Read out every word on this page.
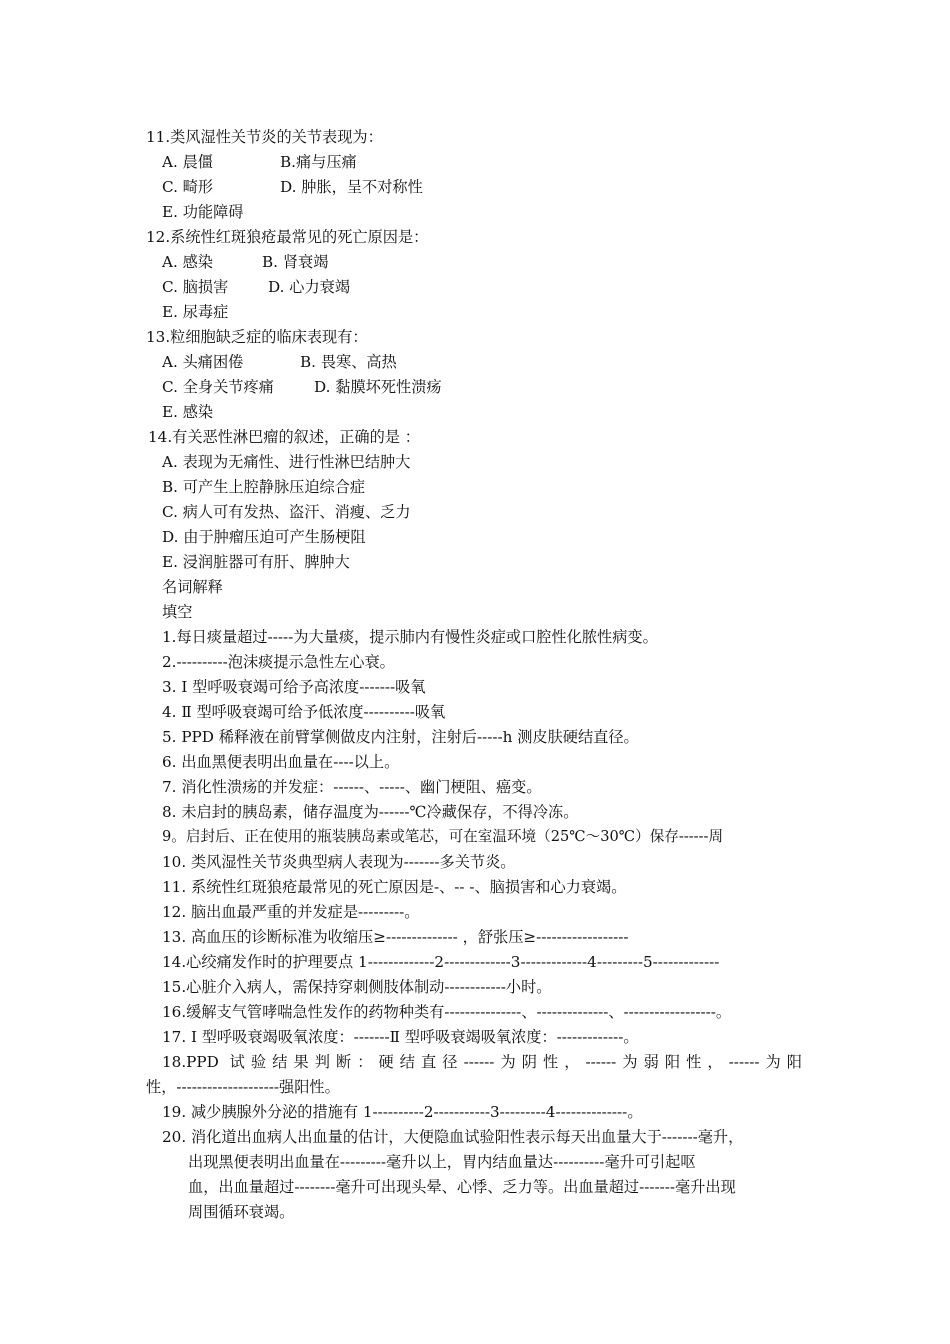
11.类风湿性关节炎的关节表现为：
A. 晨僵	B.痛与压痛
C. 畸形	D. 肿胀，呈不对称性
E. 功能障碍
12.系统性红斑狼疮最常见的死亡原因是：
A. 感染	B. 肾衰竭
C. 脑损害	D. 心力衰竭
E. 尿毒症
13.粒细胞缺乏症的临床表现有：
A. 头痛困倦	B. 畏寒、高热
C. 全身关节疼痛	D. 黏膜坏死性溃疡
E. 感染
14.有关恶性淋巴瘤的叙述，正确的是 ：
A. 表现为无痛性、进行性淋巴结肿大
B. 可产生上腔静脉压迫综合症
C. 病人可有发热、盗汗、消瘦、乏力
D. 由于肿瘤压迫可产生肠梗阻
E. 浸润脏器可有肝、脾肿大
名词解释
填空
1.每日痰量超过-----为大量痰，提示肺内有慢性炎症或口腔性化脓性病变。
2.----------泡沫痰提示急性左心衰。
3. Ⅰ 型呼吸衰竭可给予高浓度-------吸氧
4. Ⅱ 型呼吸衰竭可给予低浓度----------吸氧
5. PPD 稀释液在前臂掌侧做皮内注射，注射后-----h 测皮肤硬结直径。
6. 出血黑便表明出血量在----以上。
7. 消化性溃疡的并发症：------、-----、幽门梗阻、癌变。
8. 未启封的胰岛素，储存温度为------℃冷藏保存，不得冷冻。
9。启封后、正在使用的瓶装胰岛素或笔芯，可在室温环境（25℃～30℃）保存------周
10. 类风湿性关节炎典型病人表现为-------多关节炎。
11. 系统性红斑狼疮最常见的死亡原因是-、-- -、脑损害和心力衰竭。
12. 脑出血最严重的并发症是---------。
13. 高血压的诊断标准为收缩压≥-------------- ，舒张压≥------------------
14.心绞痛发作时的护理要点 1-------------2-------------3-------------4---------5-------------
15.心脏介入病人，需保持穿刺侧肢体制动------------小时。
16.缓解支气管哮喘急性发作的药物种类有---------------、--------------、------------------。
17. Ⅰ 型呼吸衰竭吸氧浓度：-------Ⅱ 型呼吸衰竭吸氧浓度：-------------。
18.PPD 试验结果判断：硬结直径------为阴性，------为弱阳性，------为阳
性，--------------------强阳性。
19. 减少胰腺外分泌的措施有 1----------2-----------3---------4--------------。
20. 消化道出血病人出血量的估计，大便隐血试验阳性表示每天出血量大于-------毫升，
出现黑便表明出血量在---------毫升以上，胃内结血量达----------毫升可引起呕
血，出血量超过--------毫升可出现头晕、心悸、乏力等。出血量超过-------毫升出现
周围循环衰竭。
